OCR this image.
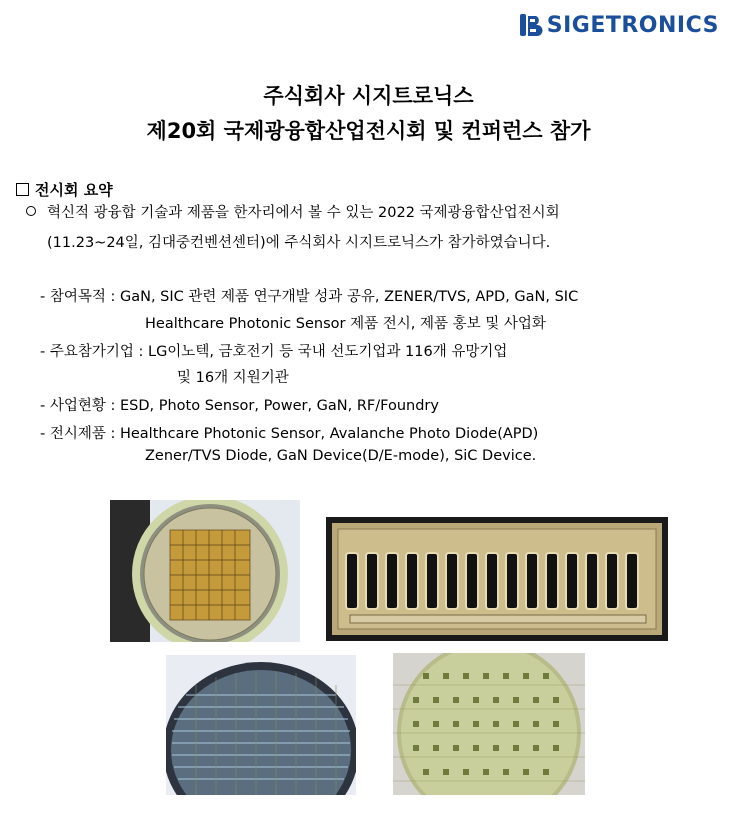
SIGETRONICS
주식회사 시지트로닉스
제20회 국제광융합산업전시회 및 컨퍼런스 참가
전시회 요약
혁신적 광융합 기술과 제품을 한자리에서 볼 수 있는 2022 국제광융합산업전시회
(11.23~24일, 김대중컨벤션센터)에 주식회사 시지트로닉스가 참가하였습니다.
- 참여목적 : GaN, SIC 관련 제품 연구개발 성과 공유, ZENER/TVS, APD, GaN, SIC
Healthcare Photonic Sensor 제품 전시, 제품 홍보 및 사업화
- 주요참가기업 : LG이노텍, 금호전기 등 국내 선도기업과 116개 유망기업
및 16개 지원기관
- 사업현황 : ESD, Photo Sensor, Power, GaN, RF/Foundry
- 전시제품 : Healthcare Photonic Sensor, Avalanche Photo Diode(APD)
Zener/TVS Diode, GaN Device(D/E-mode), SiC Device.
